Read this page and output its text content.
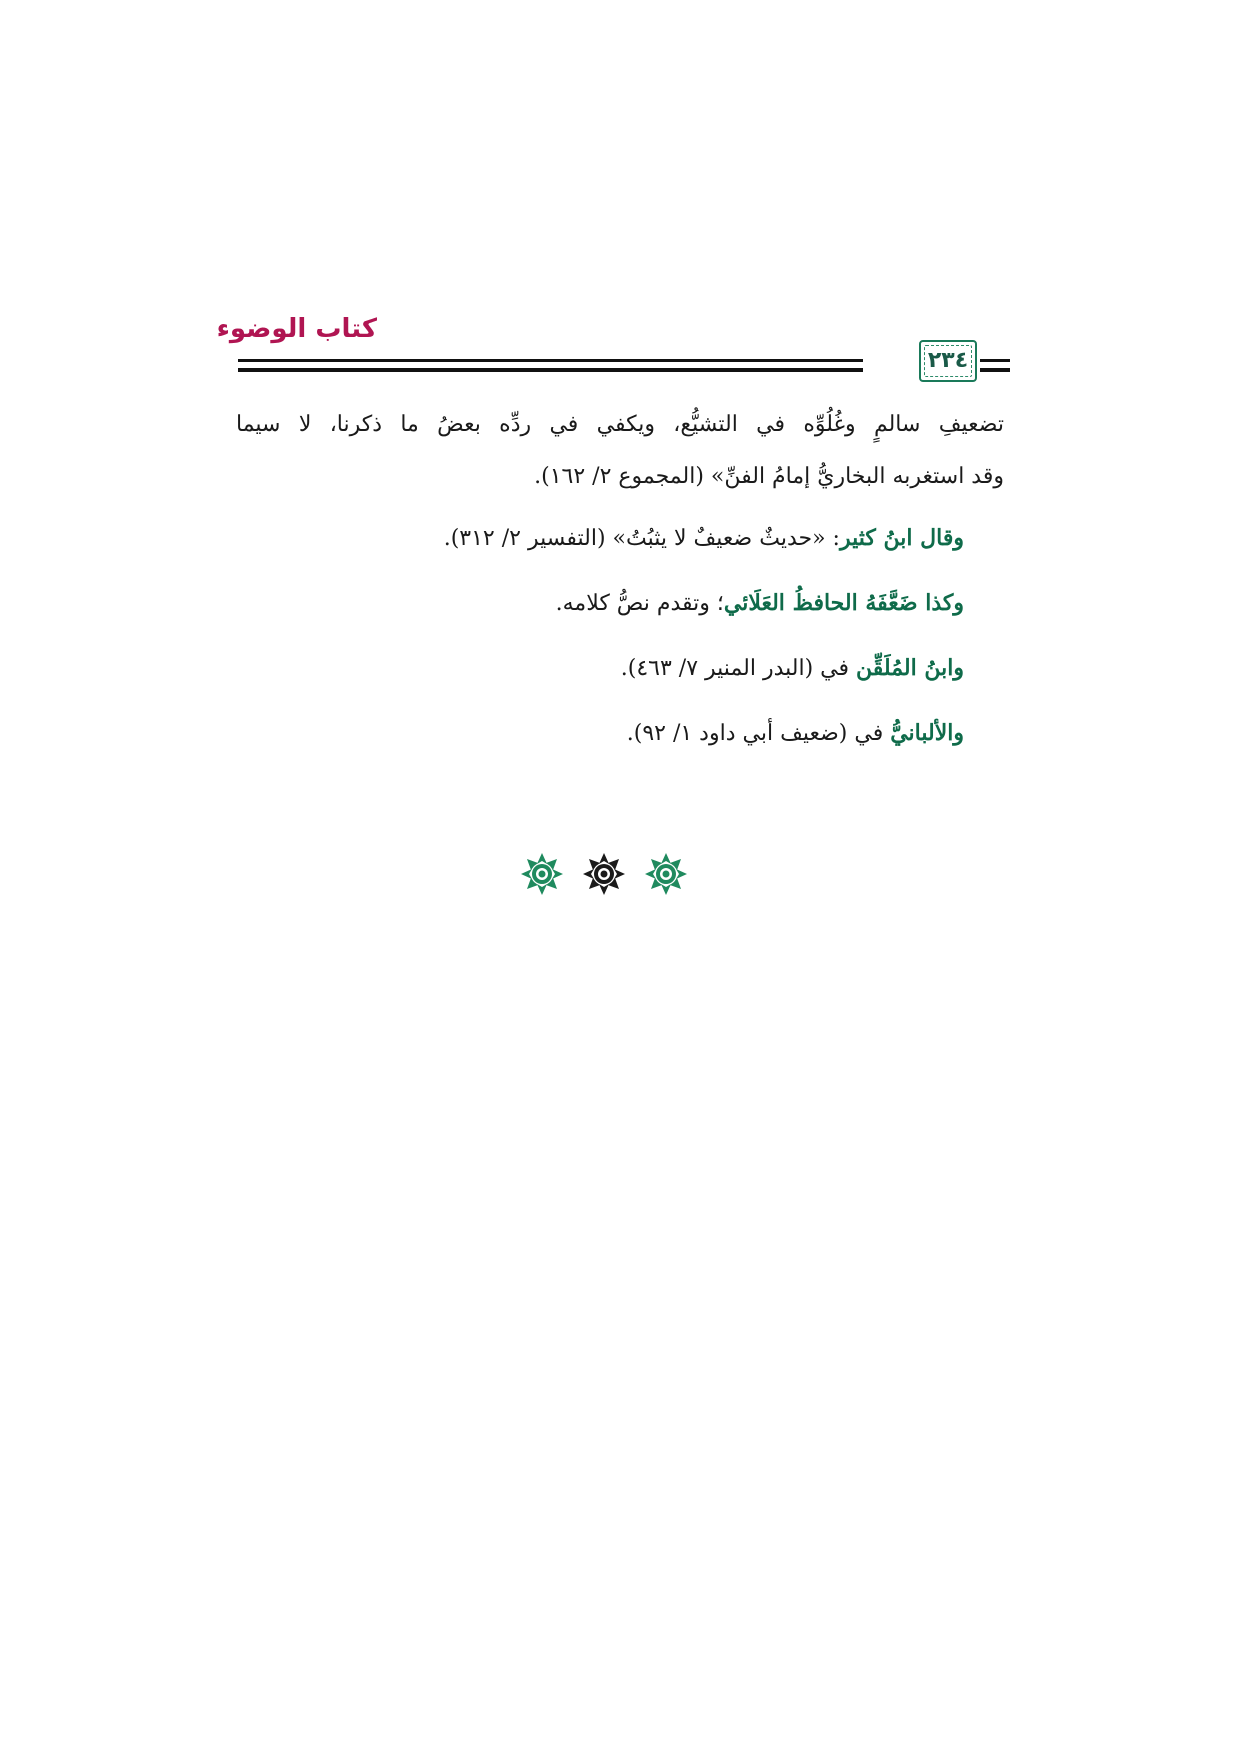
كتاب الوضوء
٢٣٤
تضعيفِ سالمٍ وغُلُوِّه في التشيُّع، ويكفي في ردِّه بعضُ ما ذكرنا، لا سيما
وقد استغربه البخاريُّ إمامُ الفنِّ» (المجموع ٢/ ١٦٢).
وقال ابنُ كثير: «حديثٌ ضعيفٌ لا يثبُتُ» (التفسير ٢/ ٣١٢).
وكذا ضَعَّفَهُ الحافظُ العَلَائي؛ وتقدم نصُّ كلامه.
وابنُ المُلَقِّن في (البدر المنير ٧/ ٤٦٣).
والألبانيُّ في (ضعيف أبي داود ١/ ٩٢).
